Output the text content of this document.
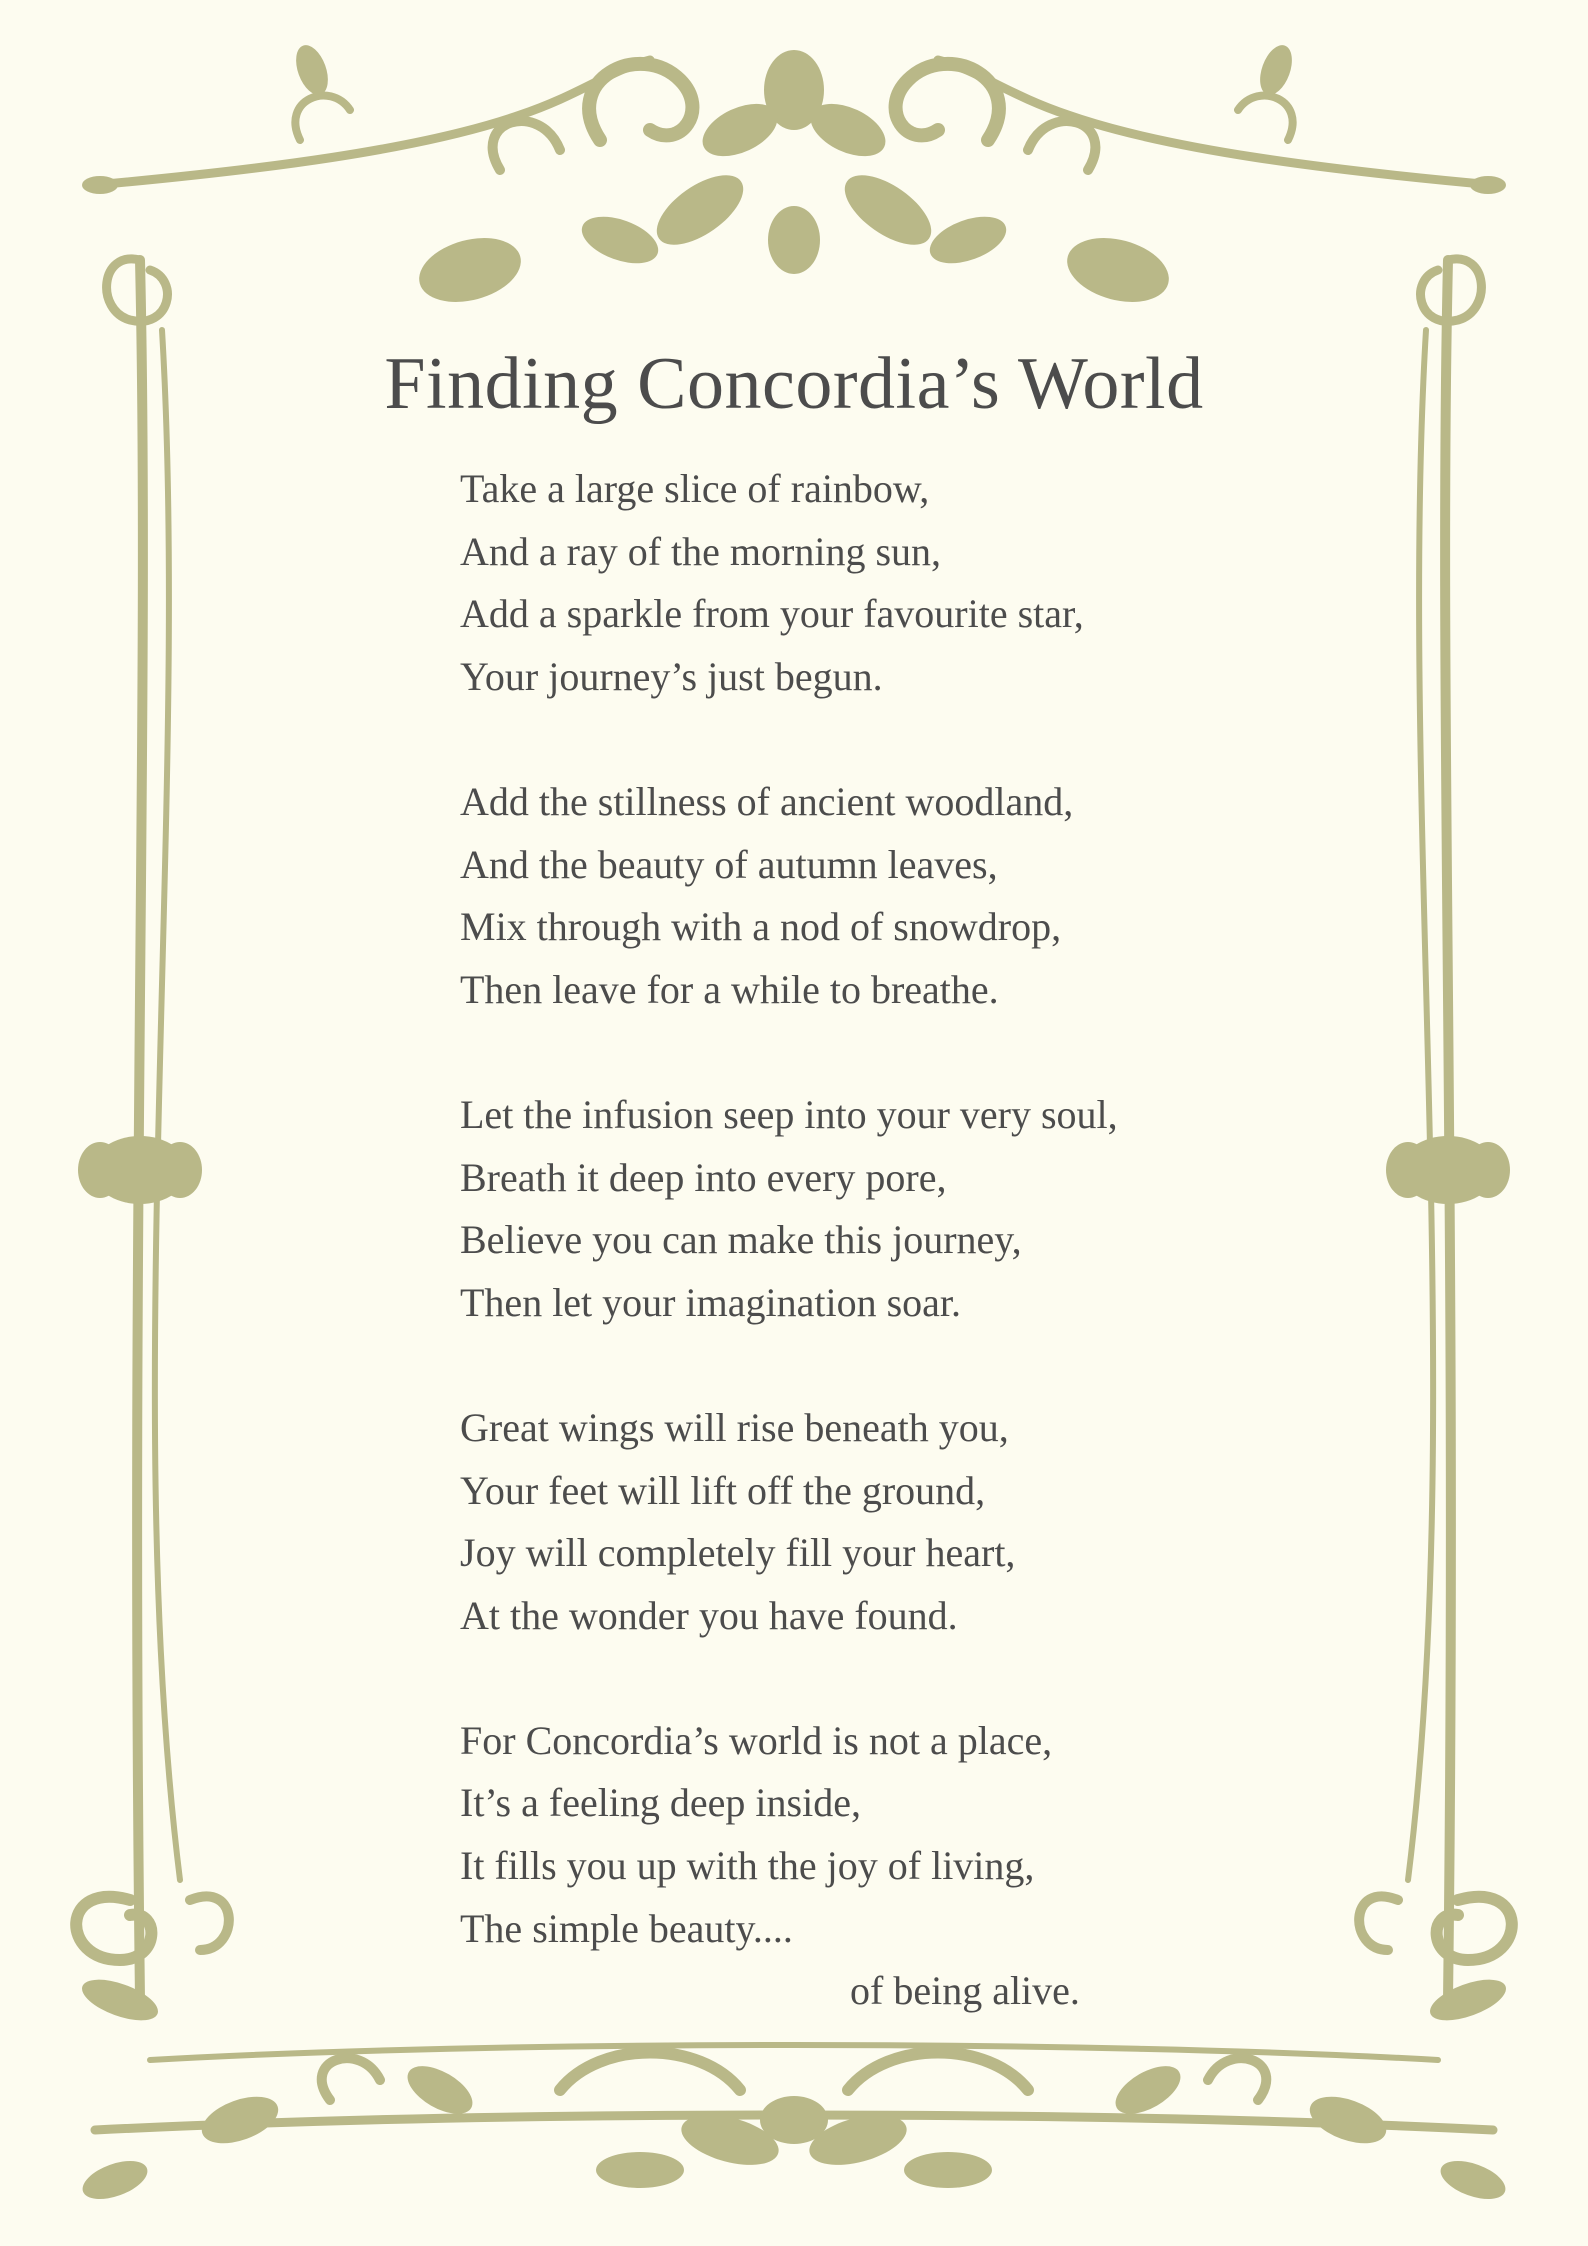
Finding Concordia’s World
Take a large slice of rainbow,
And a ray of the morning sun,
Add a sparkle from your favourite star,
Your journey’s just begun.
Add the stillness of ancient woodland,
And the beauty of autumn leaves,
Mix through with a nod of snowdrop,
Then leave for a while to breathe.
Let the infusion seep into your very soul,
Breath it deep into every pore,
Believe you can make this journey,
Then let your imagination soar.
Great wings will rise beneath you,
Your feet will lift off the ground,
Joy will completely fill your heart,
At the wonder you have found.
For Concordia’s world is not a place,
It’s a feeling deep inside,
It fills you up with the joy of living,
The simple beauty....
of being alive.
